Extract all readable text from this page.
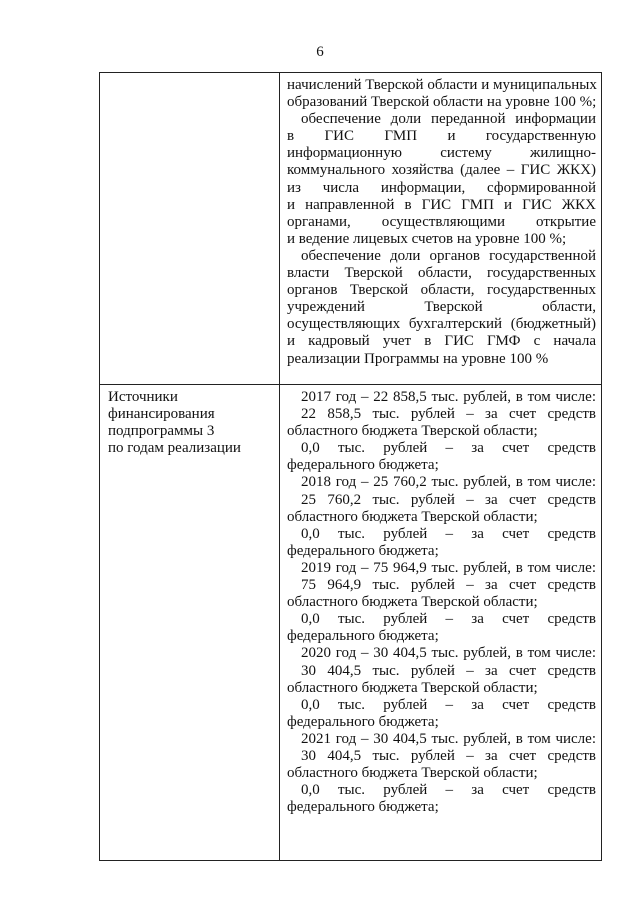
6
начислений Тверской области и муниципальных
образований Тверской области на уровне 100 %;
обеспечение доли переданной информации
в ГИС ГМП и государственную
информационную систему жилищно-
коммунального хозяйства (далее – ГИС ЖКХ)
из числа информации, сформированной
и направленной в ГИС ГМП и ГИС ЖКХ
органами, осуществляющими открытие
и ведение лицевых счетов на уровне 100 %;
обеспечение доли органов государственной
власти Тверской области, государственных
органов Тверской области, государственных
учреждений Тверской области,
осуществляющих бухгалтерский (бюджетный)
и кадровый учет в ГИС ГМФ с начала
реализации Программы на уровне 100 %
Источники
финансирования
подпрограммы 3
по годам реализации
2017 год – 22 858,5 тыс. рублей, в том числе:
22 858,5 тыс. рублей – за счет средств
областного бюджета Тверской области;
0,0 тыс. рублей – за счет средств
федерального бюджета;
2018 год – 25 760,2 тыс. рублей, в том числе:
25 760,2 тыс. рублей – за счет средств
областного бюджета Тверской области;
0,0 тыс. рублей – за счет средств
федерального бюджета;
2019 год – 75 964,9 тыс. рублей, в том числе:
75 964,9 тыс. рублей – за счет средств
областного бюджета Тверской области;
0,0 тыс. рублей – за счет средств
федерального бюджета;
2020 год – 30 404,5 тыс. рублей, в том числе:
30 404,5 тыс. рублей – за счет средств
областного бюджета Тверской области;
0,0 тыс. рублей – за счет средств
федерального бюджета;
2021 год – 30 404,5 тыс. рублей, в том числе:
30 404,5 тыс. рублей – за счет средств
областного бюджета Тверской области;
0,0 тыс. рублей – за счет средств
федерального бюджета;
